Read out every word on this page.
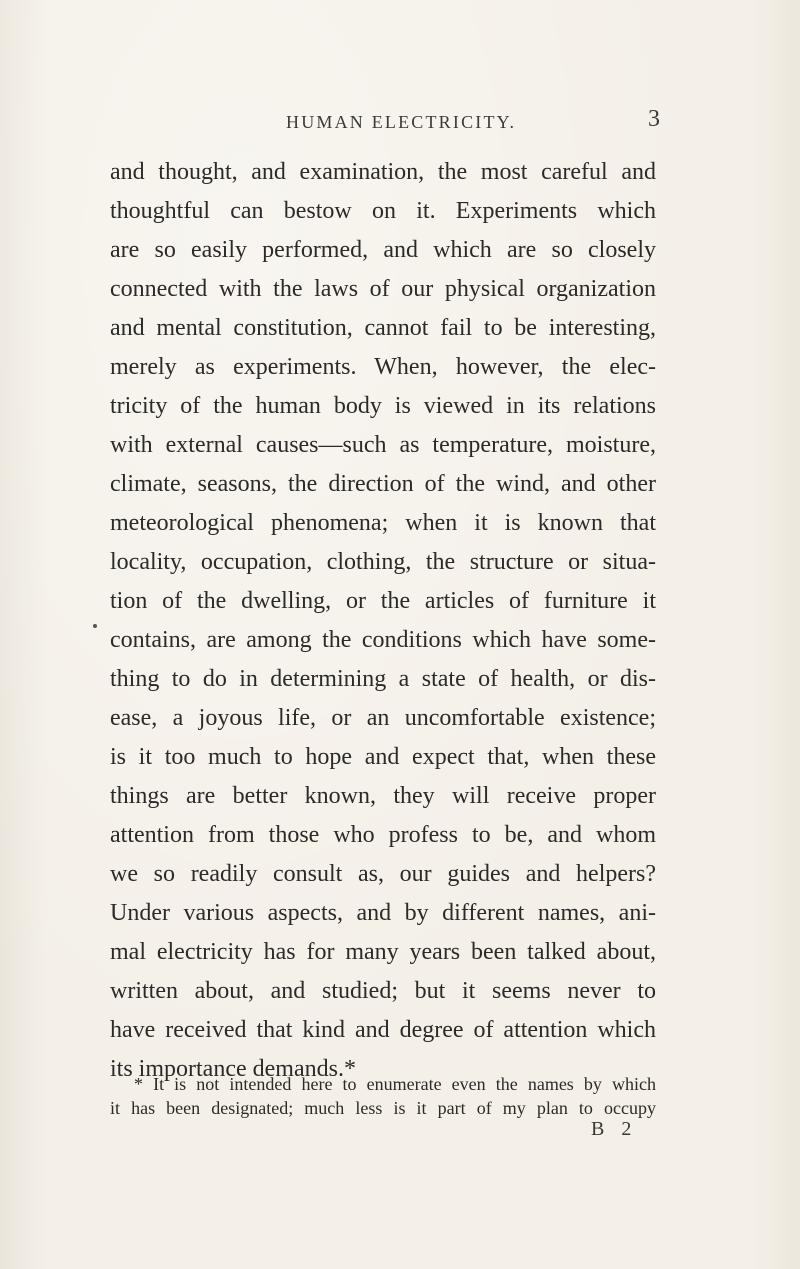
HUMAN ELECTRICITY.	3
and thought, and examination, the most careful and
thoughtful can bestow on it. Experiments which
are so easily performed, and which are so closely
connected with the laws of our physical organization
and mental constitution, cannot fail to be interesting,
merely as experiments. When, however, the elec-
tricity of the human body is viewed in its relations
with external causes—such as temperature, moisture,
climate, seasons, the direction of the wind, and other
meteorological phenomena; when it is known that
locality, occupation, clothing, the structure or situa-
tion of the dwelling, or the articles of furniture it
contains, are among the conditions which have some-
thing to do in determining a state of health, or dis-
ease, a joyous life, or an uncomfortable existence;
is it too much to hope and expect that, when these
things are better known, they will receive proper
attention from those who profess to be, and whom
we so readily consult as, our guides and helpers?
Under various aspects, and by different names, ani-
mal electricity has for many years been talked about,
written about, and studied; but it seems never to
have received that kind and degree of attention which
its importance demands.*
* It is not intended here to enumerate even the names by which
it has been designated; much less is it part of my plan to occupy
B 2
